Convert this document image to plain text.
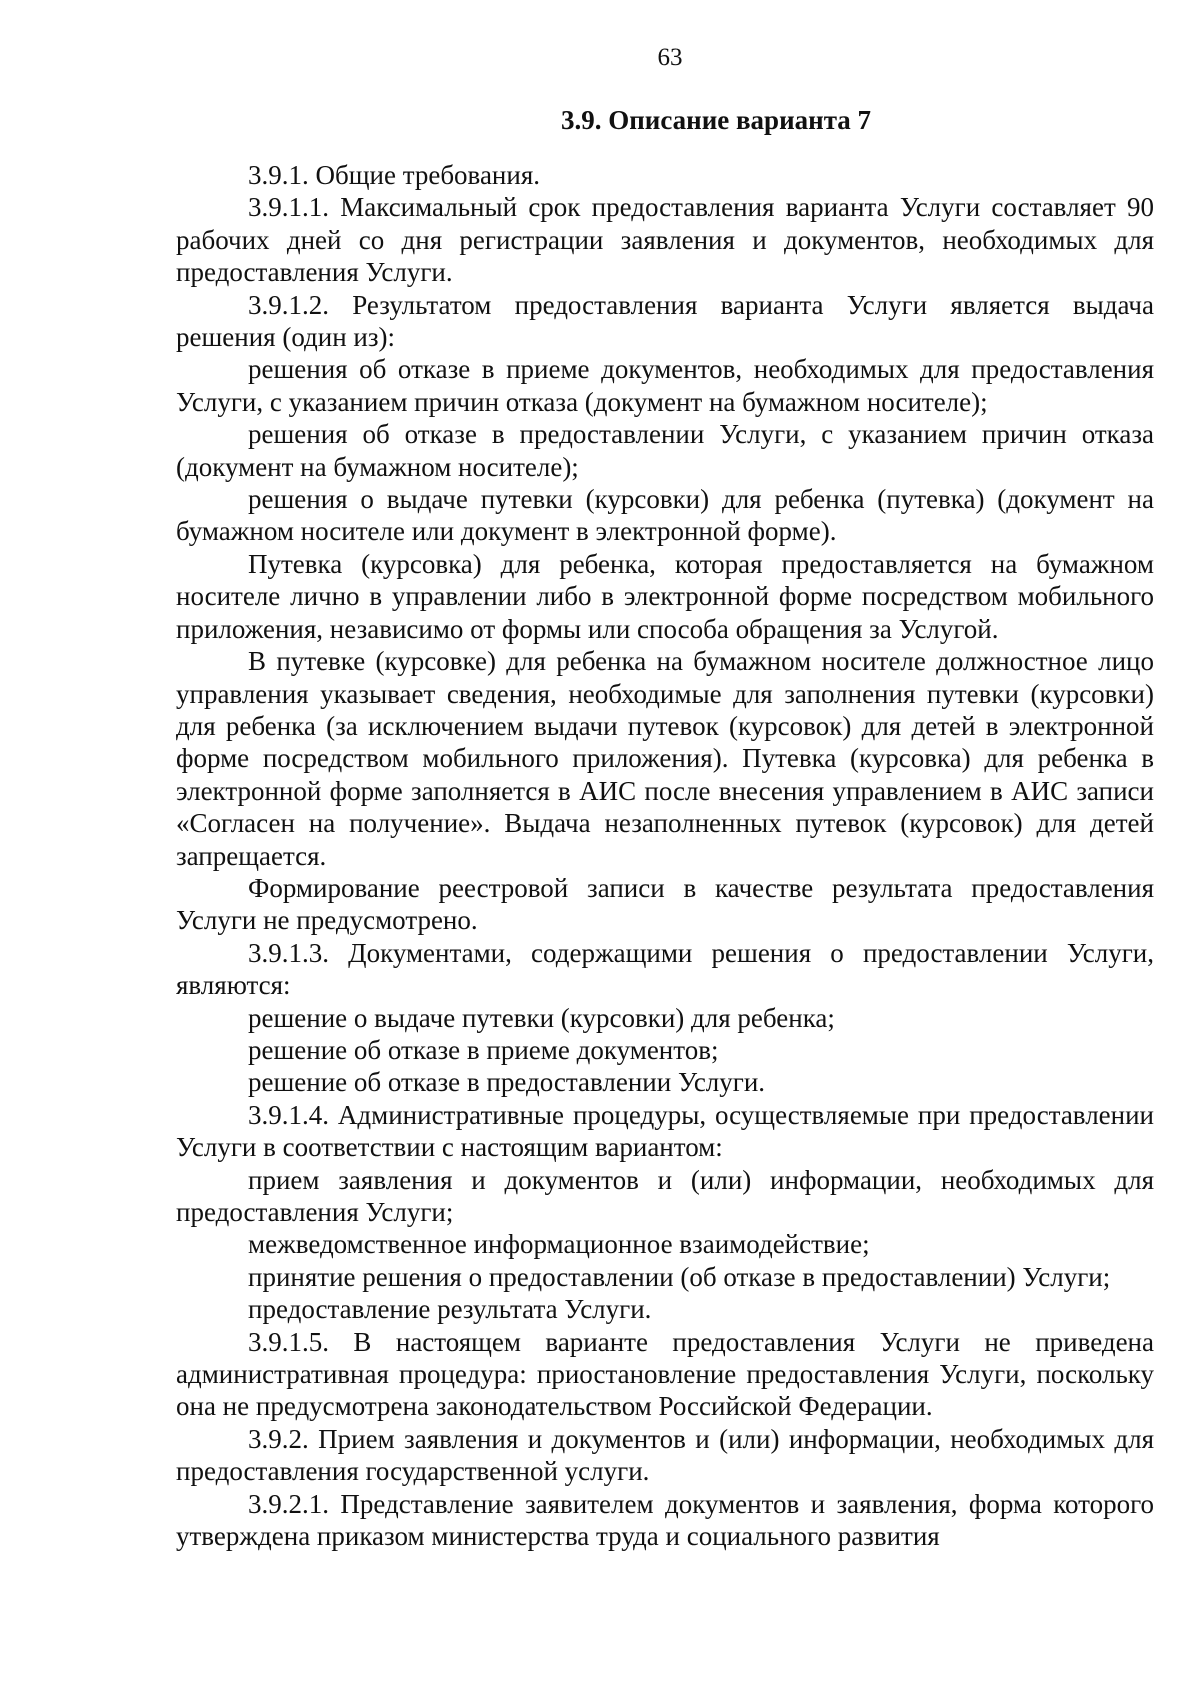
63
3.9. Описание варианта 7

3.9.1. Общие требования.

3.9.1.1. Максимальный срок предоставления варианта Услуги составляет 90 рабочих дней со дня регистрации заявления и документов, необходимых для предоставления Услуги.

3.9.1.2. Результатом предоставления варианта Услуги является выдача решения (один из):

решения об отказе в приеме документов, необходимых для предоставления Услуги, с указанием причин отказа (документ на бумажном носителе);

решения об отказе в предоставлении Услуги, с указанием причин отказа (документ на бумажном носителе);

решения о выдаче путевки (курсовки) для ребенка (путевка) (документ на бумажном носителе или документ в электронной форме).

Путевка (курсовка) для ребенка, которая предоставляется на бумажном носителе лично в управлении либо в электронной форме посредством мобильного приложения, независимо от формы или способа обращения за Услугой.

В путевке (курсовке) для ребенка на бумажном носителе должностное лицо управления указывает сведения, необходимые для заполнения путевки (курсовки) для ребенка (за исключением выдачи путевок (курсовок) для детей в электронной форме посредством мобильного приложения). Путевка (курсовка) для ребенка в электронной форме заполняется в АИС после внесения управлением в АИС записи «Согласен на получение». Выдача незаполненных путевок (курсовок) для детей запрещается.

Формирование реестровой записи в качестве результата предоставления Услуги не предусмотрено.

3.9.1.3. Документами, содержащими решения о предоставлении Услуги, являются:

решение о выдаче путевки (курсовки) для ребенка;

решение об отказе в приеме документов;

решение об отказе в предоставлении Услуги.

3.9.1.4. Административные процедуры, осуществляемые при предоставлении Услуги в соответствии с настоящим вариантом:

прием заявления и документов и (или) информации, необходимых для предоставления Услуги;

межведомственное информационное взаимодействие;

принятие решения о предоставлении (об отказе в предоставлении) Услуги;

предоставление результата Услуги.

3.9.1.5. В настоящем варианте предоставления Услуги не приведена административная процедура: приостановление предоставления Услуги, поскольку она не предусмотрена законодательством Российской Федерации.

3.9.2. Прием заявления и документов и (или) информации, необходимых для предоставления государственной услуги.

3.9.2.1. Представление заявителем документов и заявления, форма которого утверждена приказом министерства труда и социального развития
